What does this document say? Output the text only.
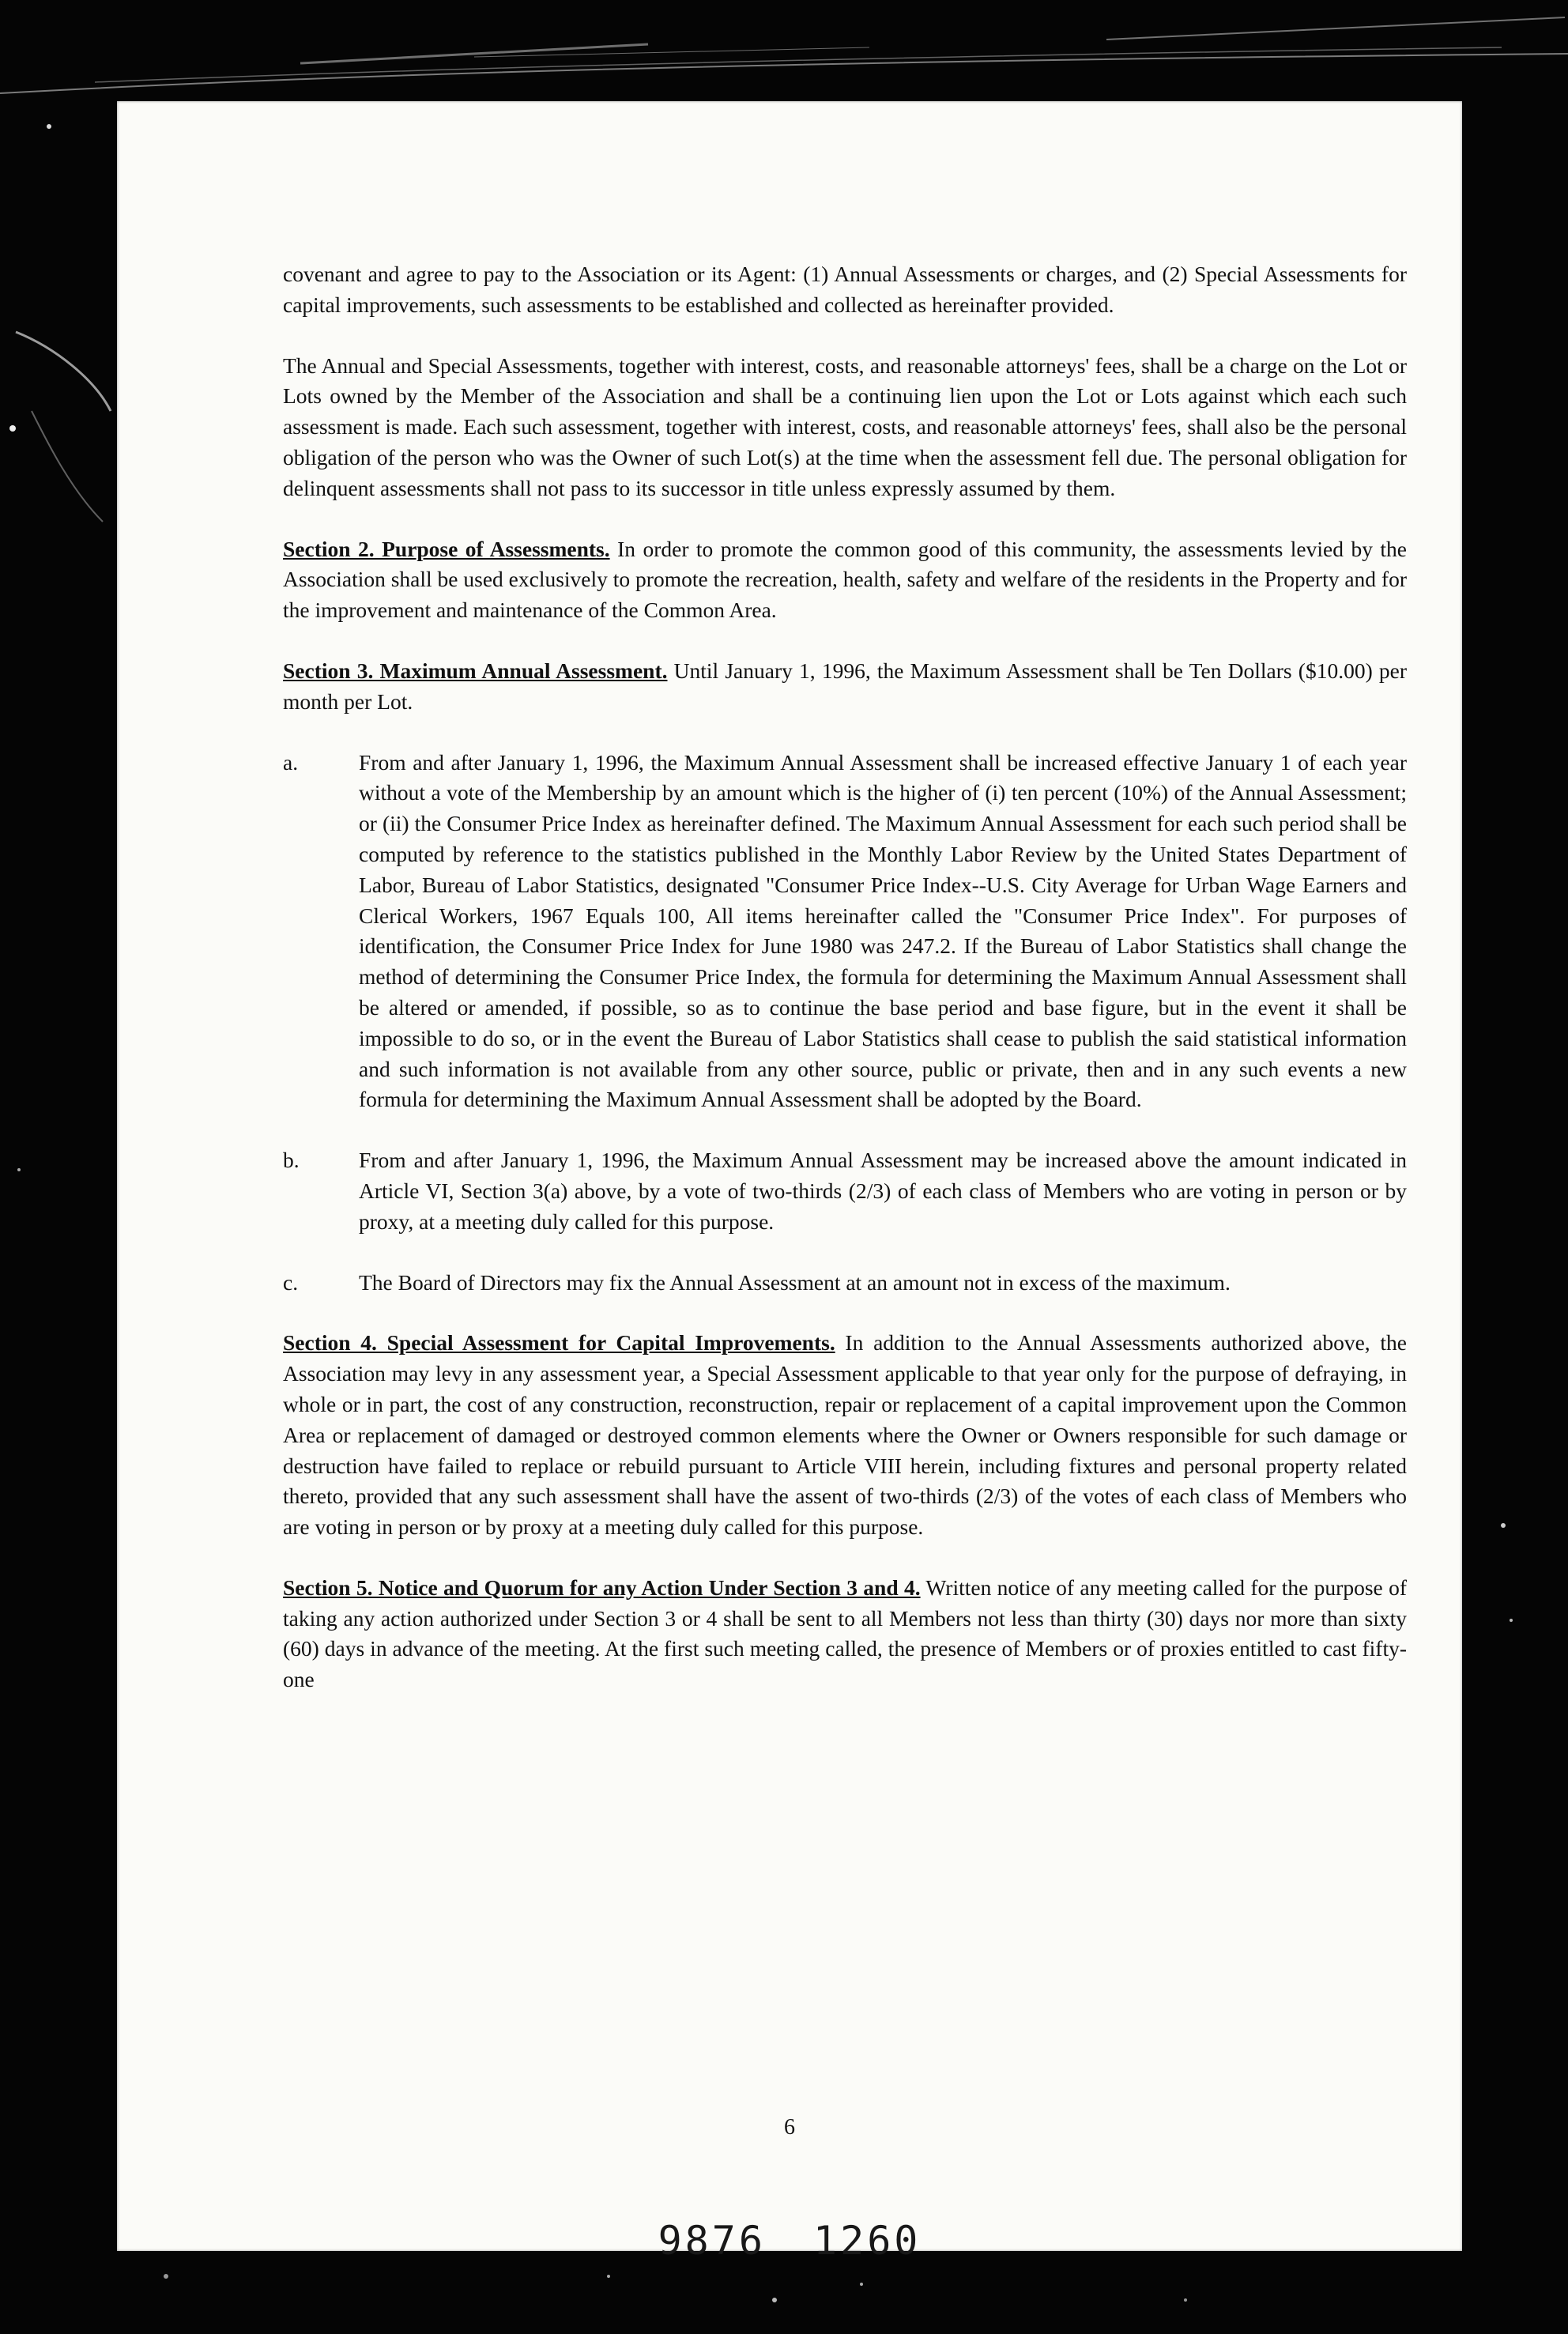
covenant and agree to pay to the Association or its Agent: (1) Annual Assessments or charges, and (2) Special Assessments for capital improvements, such assessments to be established and collected as hereinafter provided.

The Annual and Special Assessments, together with interest, costs, and reasonable attorneys' fees, shall be a charge on the Lot or Lots owned by the Member of the Association and shall be a continuing lien upon the Lot or Lots against which each such assessment is made. Each such assessment, together with interest, costs, and reasonable attorneys' fees, shall also be the personal obligation of the person who was the Owner of such Lot(s) at the time when the assessment fell due. The personal obligation for delinquent assessments shall not pass to its successor in title unless expressly assumed by them.

Section 2. Purpose of Assessments. In order to promote the common good of this community, the assessments levied by the Association shall be used exclusively to promote the recreation, health, safety and welfare of the residents in the Property and for the improvement and maintenance of the Common Area.

Section 3. Maximum Annual Assessment. Until January 1, 1996, the Maximum Assessment shall be Ten Dollars ($10.00) per month per Lot.

a.	From and after January 1, 1996, the Maximum Annual Assessment shall be increased effective January 1 of each year without a vote of the Membership by an amount which is the higher of (i) ten percent (10%) of the Annual Assessment; or (ii) the Consumer Price Index as hereinafter defined. The Maximum Annual Assessment for each such period shall be computed by reference to the statistics published in the Monthly Labor Review by the United States Department of Labor, Bureau of Labor Statistics, designated "Consumer Price Index--U.S. City Average for Urban Wage Earners and Clerical Workers, 1967 Equals 100, All items hereinafter called the "Consumer Price Index". For purposes of identification, the Consumer Price Index for June 1980 was 247.2. If the Bureau of Labor Statistics shall change the method of determining the Consumer Price Index, the formula for determining the Maximum Annual Assessment shall be altered or amended, if possible, so as to continue the base period and base figure, but in the event it shall be impossible to do so, or in the event the Bureau of Labor Statistics shall cease to publish the said statistical information and such information is not available from any other source, public or private, then and in any such events a new formula for determining the Maximum Annual Assessment shall be adopted by the Board.

b.	From and after January 1, 1996, the Maximum Annual Assessment may be increased above the amount indicated in Article VI, Section 3(a) above, by a vote of two-thirds (2/3) of each class of Members who are voting in person or by proxy, at a meeting duly called for this purpose.

c.	The Board of Directors may fix the Annual Assessment at an amount not in excess of the maximum.

Section 4. Special Assessment for Capital Improvements. In addition to the Annual Assessments authorized above, the Association may levy in any assessment year, a Special Assessment applicable to that year only for the purpose of defraying, in whole or in part, the cost of any construction, reconstruction, repair or replacement of a capital improvement upon the Common Area or replacement of damaged or destroyed common elements where the Owner or Owners responsible for such damage or destruction have failed to replace or rebuild pursuant to Article VIII herein, including fixtures and personal property related thereto, provided that any such assessment shall have the assent of two-thirds (2/3) of the votes of each class of Members who are voting in person or by proxy at a meeting duly called for this purpose.

Section 5. Notice and Quorum for any Action Under Section 3 and 4. Written notice of any meeting called for the purpose of taking any action authorized under Section 3 or 4 shall be sent to all Members not less than thirty (30) days nor more than sixty (60) days in advance of the meeting. At the first such meeting called, the presence of Members or of proxies entitled to cast fifty-one

6
9876 1260
